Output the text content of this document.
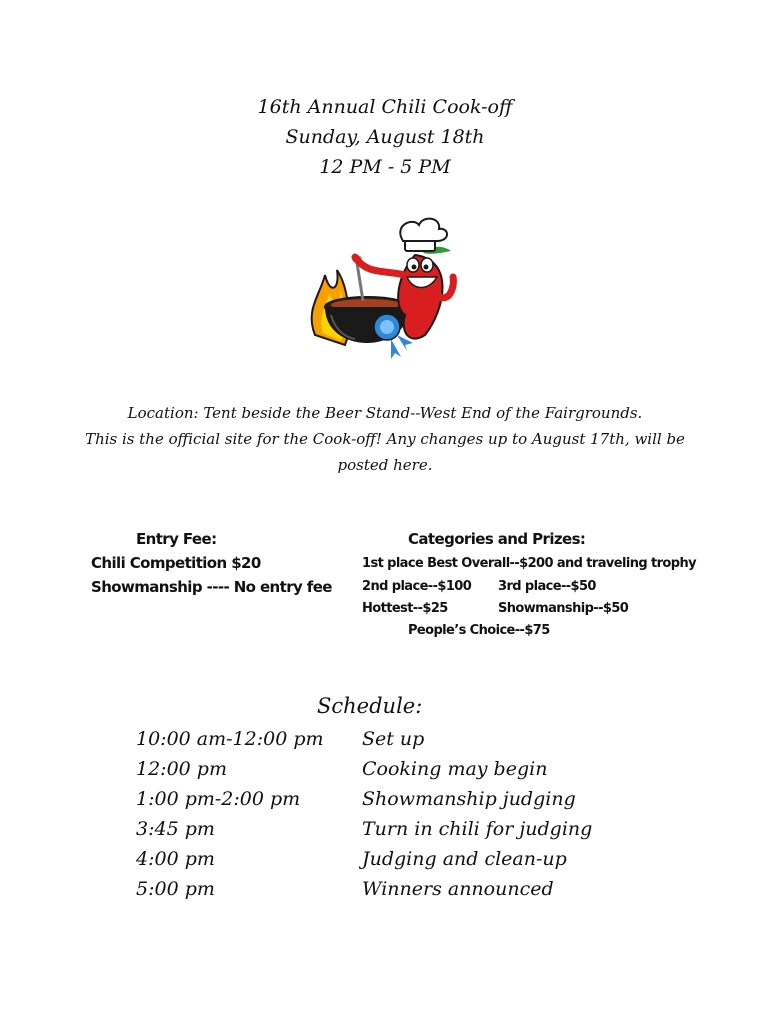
16th Annual Chili Cook-off
Sunday, August 18th
12 PM - 5 PM
Location: Tent beside the Beer Stand--West End of the Fairgrounds.
This is the official site for the Cook-off! Any changes up to August 17th, will be
posted here.
Entry Fee:
Chili Competition $20
Showmanship ---- No entry fee
Categories and Prizes:
1st place Best Overall--$200 and traveling trophy
2nd place--$100 3rd place--$50
Hottest--$25	Showmanship--$50
People’s Choice--$75
Schedule:
10:00 am-12:00 pm	Set up
12:00 pm	Cooking may begin
1:00 pm-2:00 pm	Showmanship judging
3:45 pm	Turn in chili for judging
4:00 pm	Judging and clean-up
5:00 pm	Winners announced
